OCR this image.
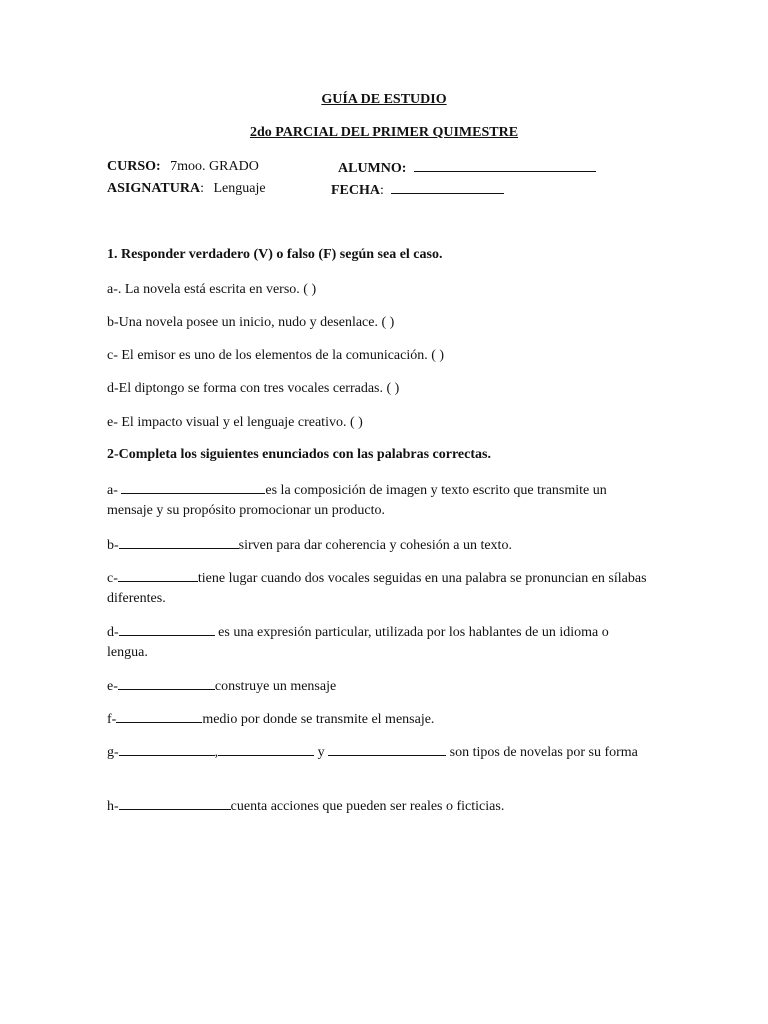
GUÍA DE ESTUDIO
2do PARCIAL DEL PRIMER QUIMESTRE
CURSO: 7moo. GRADO	ALUMNO:
ASIGNATURA: Lenguaje	FECHA:
1. Responder verdadero (V) o falso (F) según sea el caso.
a-. La novela está escrita en verso. ( )
b-Una novela posee un inicio, nudo y desenlace. ( )
c- El emisor es uno de los elementos de la comunicación. ( )
d-El diptongo se forma con tres vocales cerradas. ( )
e- El impacto visual y el lenguaje creativo. ( )
2-Completa los siguientes enunciados con las palabras correctas.
a-	es la composición de imagen y texto escrito que transmite un mensaje y su propósito promocionar un producto.
b-	sirven para dar coherencia y cohesión a un texto.
c-	tiene lugar cuando dos vocales seguidas en una palabra se pronuncian en sílabas diferentes.
d-	es una expresión particular, utilizada por los hablantes de un idioma o lengua.
e-	construye un mensaje
f-	medio por donde se transmite el mensaje.
g-	,	y	son tipos de novelas por su forma
h-	cuenta acciones que pueden ser reales o ficticias.
